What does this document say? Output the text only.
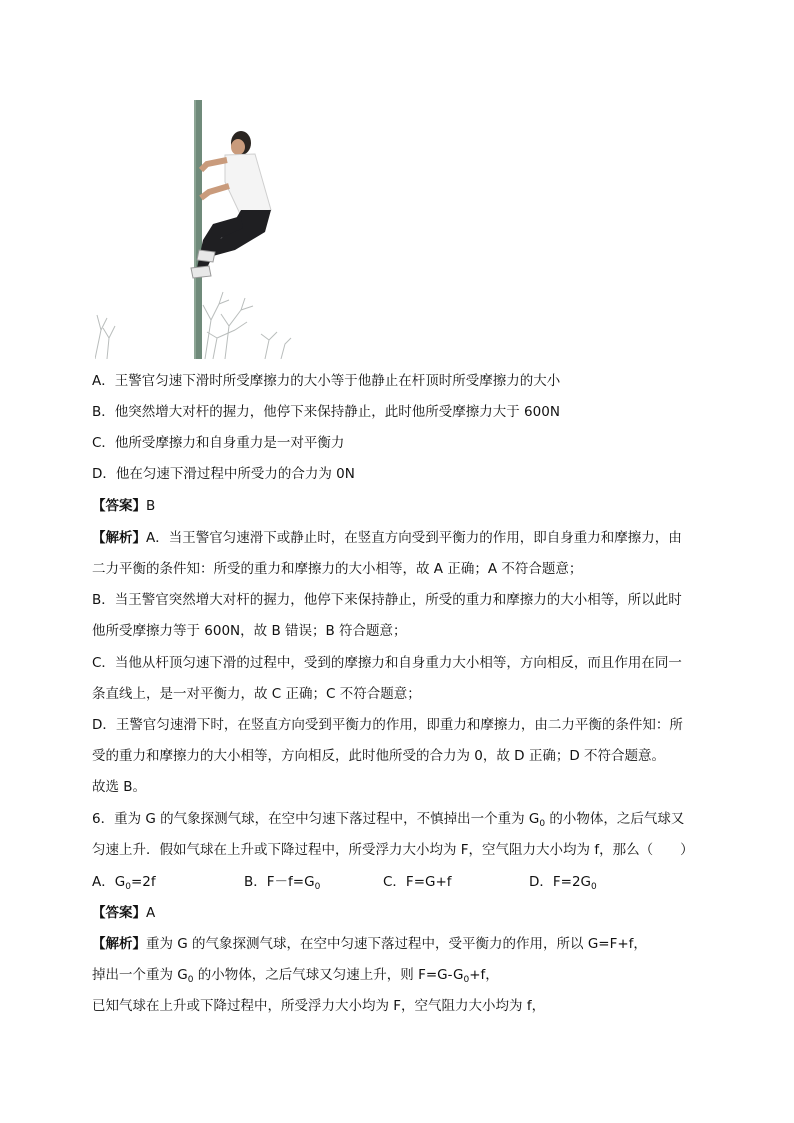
A．王警官匀速下滑时所受摩擦力的大小等于他静止在杆顶时所受摩擦力的大小
B．他突然增大对杆的握力，他停下来保持静止，此时他所受摩擦力大于 600N
C．他所受摩擦力和自身重力是一对平衡力
D．他在匀速下滑过程中所受力的合力为 0N
【答案】B
【解析】A．当王警官匀速滑下或静止时，在竖直方向受到平衡力的作用，即自身重力和摩擦力，由
二力平衡的条件知：所受的重力和摩擦力的大小相等，故 A 正确；A 不符合题意；
B．当王警官突然增大对杆的握力，他停下来保持静止，所受的重力和摩擦力的大小相等，所以此时
他所受摩擦力等于 600N，故 B 错误；B 符合题意；
C．当他从杆顶匀速下滑的过程中，受到的摩擦力和自身重力大小相等，方向相反，而且作用在同一
条直线上，是一对平衡力，故 C 正确；C 不符合题意；
D．王警官匀速滑下时，在竖直方向受到平衡力的作用，即重力和摩擦力，由二力平衡的条件知：所
受的重力和摩擦力的大小相等，方向相反，此时他所受的合力为 0，故 D 正确；D 不符合题意。
故选 B。
6．重为 G 的气象探测气球，在空中匀速下落过程中，不慎掉出一个重为 $G_0$ 的小物体，之后气球又
匀速上升．假如气球在上升或下降过程中，所受浮力大小均为 F，空气阻力大小均为 f，那么（　　）
A．$G_0=2f$	B．$F-f=G_0$	C．F=G+f	D．$F=2G_0$
【答案】A
【解析】重为 G 的气象探测气球，在空中匀速下落过程中，受平衡力的作用，所以 G=F+f，
掉出一个重为 $G_0$ 的小物体，之后气球又匀速上升，则 $F=G-G_0+f$，
已知气球在上升或下降过程中，所受浮力大小均为 F，空气阻力大小均为 f，
